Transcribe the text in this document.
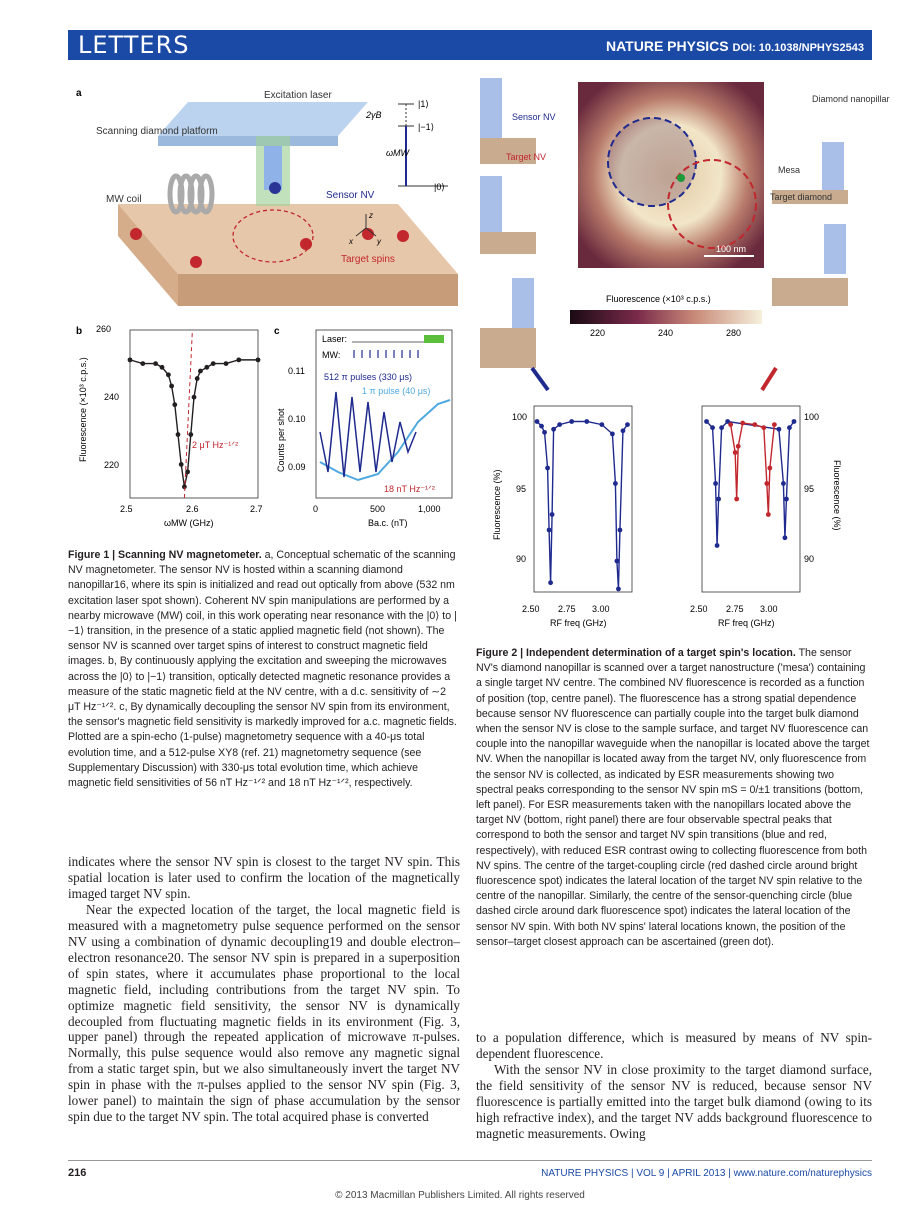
LETTERS	NATURE PHYSICS DOI: 10.1038/NPHYS2543
a	Excitation laser
Scanning diamond platform
MW coil	Sensor NV
Target spins
|1⟩
|−1⟩
|0⟩
2γB
ωMW
z
x	y
b 260
240
220
2.5	2.6	2.7
ωMW (GHz)
Fluorescence (×10³ c.p.s.)	2 μT Hz⁻¹ᐟ²
c
0.11
0.10
0.09
0	500	1,000
Ba.c. (nT)
Counts per shot
Laser:
MW:
512 π pulses (330 μs)
1 π pulse (40 μs)
18 nT Hz⁻¹ᐟ²
Figure 1 | Scanning NV magnetometer. a, Conceptual schematic of the scanning NV magnetometer. The sensor NV is hosted within a scanning diamond nanopillar16, where its spin is initialized and read out optically from above (532 nm excitation laser spot shown). Coherent NV spin manipulations are performed by a nearby microwave (MW) coil, in this work operating near resonance with the |0⟩ to |−1⟩ transition, in the presence of a static applied magnetic field (not shown). The sensor NV is scanned over target spins of interest to construct magnetic field images. b, By continuously applying the excitation and sweeping the microwaves across the |0⟩ to |−1⟩ transition, optically detected magnetic resonance provides a measure of the static magnetic field at the NV centre, with a d.c. sensitivity of ∼2 μT Hz⁻¹ᐟ². c, By dynamically decoupling the sensor NV spin from its environment, the sensor's magnetic field sensitivity is markedly improved for a.c. magnetic fields. Plotted are a spin-echo (1-pulse) magnetometry sequence with a 40-μs total evolution time, and a 512-pulse XY8 (ref. 21) magnetometry sequence (see Supplementary Discussion) with 330-μs total evolution time, which achieve magnetic field sensitivities of 56 nT Hz⁻¹ᐟ² and 18 nT Hz⁻¹ᐟ², respectively.

indicates where the sensor NV spin is closest to the target NV spin. This spatial location is later used to confirm the location of the magnetically imaged target NV spin.

Near the expected location of the target, the local magnetic field is measured with a magnetometry pulse sequence performed on the sensor NV using a combination of dynamic decoupling19 and double electron–electron resonance20. The sensor NV spin is prepared in a superposition of spin states, where it accumulates phase proportional to the local magnetic field, including contributions from the target NV spin. To optimize magnetic field sensitivity, the sensor NV is dynamically decoupled from fluctuating magnetic fields in its environment (Fig. 3, upper panel) through the repeated application of microwave π-pulses. Normally, this pulse sequence would also remove any magnetic signal from a static target spin, but we also simultaneously invert the target NV spin in phase with the π-pulses applied to the sensor NV spin (Fig. 3, lower panel) to maintain the sign of phase accumulation by the sensor spin due to the target NV spin. The total acquired phase is converted

100 nm
Sensor NV
Target NV
Diamond nanopillar
Mesa
Target diamond
Fluorescence (×10³ c.p.s.)
220	240	280
100
95
90
100
95
90
Fluorescence (%)	Fluorescence (%)
2.50 2.75 3.00	2.50 2.75 3.00
RF freq (GHz)	RF freq (GHz)
Figure 2 | Independent determination of a target spin's location. The sensor NV's diamond nanopillar is scanned over a target nanostructure ('mesa') containing a single target NV centre. The combined NV fluorescence is recorded as a function of position (top, centre panel). The fluorescence has a strong spatial dependence because sensor NV fluorescence can partially couple into the target bulk diamond when the sensor NV is close to the sample surface, and target NV fluorescence can couple into the nanopillar waveguide when the nanopillar is located above the target NV. When the nanopillar is located away from the target NV, only fluorescence from the sensor NV is collected, as indicated by ESR measurements showing two spectral peaks corresponding to the sensor NV spin mS = 0/±1 transitions (bottom, left panel). For ESR measurements taken with the nanopillars located above the target NV (bottom, right panel) there are four observable spectral peaks that correspond to both the sensor and target NV spin transitions (blue and red, respectively), with reduced ESR contrast owing to collecting fluorescence from both NV spins. The centre of the target-coupling circle (red dashed circle around bright fluorescence spot) indicates the lateral location of the target NV spin relative to the centre of the nanopillar. Similarly, the centre of the sensor-quenching circle (blue dashed circle around dark fluorescence spot) indicates the lateral location of the sensor NV spin. With both NV spins' lateral locations known, the position of the sensor–target closest approach can be ascertained (green dot).

to a population difference, which is measured by means of NV spin-dependent fluorescence.

With the sensor NV in close proximity to the target diamond surface, the field sensitivity of the sensor NV is reduced, because sensor NV fluorescence is partially emitted into the target bulk diamond (owing to its high refractive index), and the target NV adds background fluorescence to magnetic measurements. Owing

216	NATURE PHYSICS | VOL 9 | APRIL 2013 | www.nature.com/naturephysics
© 2013 Macmillan Publishers Limited. All rights reserved
